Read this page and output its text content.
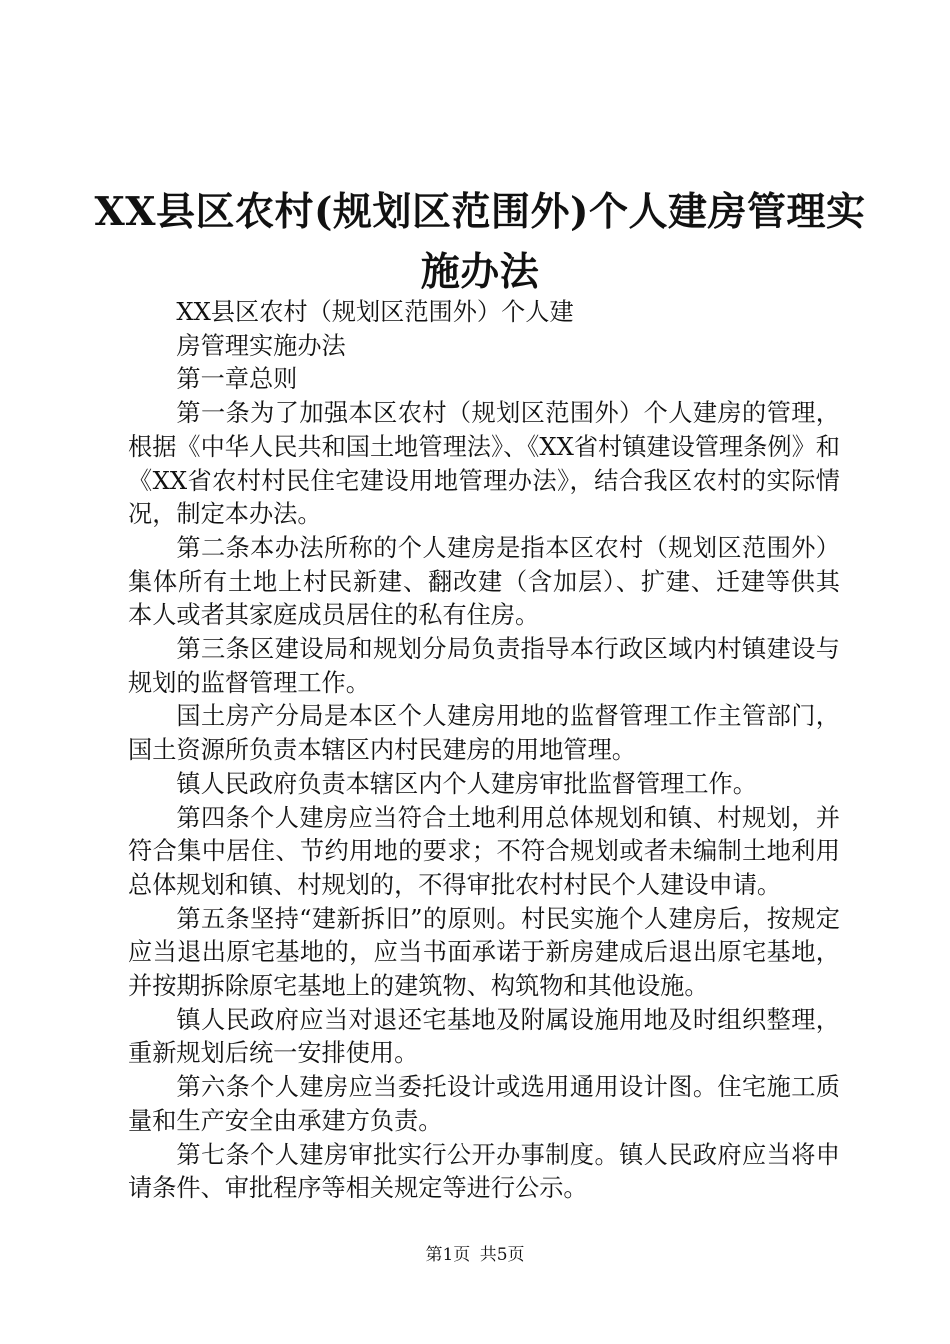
XX县区农村(规划区范围外)个人建房管理实施办法

XX县区农村（规划区范围外）个人建

房管理实施办法

第一章总则

第一条为了加强本区农村（规划区范围外）个人建房的管理，根据《中华人民共和国土地管理法》、《XX省村镇建设管理条例》和《XX省农村村民住宅建设用地管理办法》，结合我区农村的实际情况，制定本办法。

第二条本办法所称的个人建房是指本区农村（规划区范围外）集体所有土地上村民新建、翻改建（含加层）、扩建、迁建等供其本人或者其家庭成员居住的私有住房。

第三条区建设局和规划分局负责指导本行政区域内村镇建设与规划的监督管理工作。

国土房产分局是本区个人建房用地的监督管理工作主管部门，国土资源所负责本辖区内村民建房的用地管理。

镇人民政府负责本辖区内个人建房审批监督管理工作。

第四条个人建房应当符合土地利用总体规划和镇、村规划，并符合集中居住、节约用地的要求；不符合规划或者未编制土地利用总体规划和镇、村规划的，不得审批农村村民个人建设申请。

第五条坚持“建新拆旧”的原则。村民实施个人建房后，按规定应当退出原宅基地的，应当书面承诺于新房建成后退出原宅基地，并按期拆除原宅基地上的建筑物、构筑物和其他设施。

镇人民政府应当对退还宅基地及附属设施用地及时组织整理，重新规划后统一安排使用。

第六条个人建房应当委托设计或选用通用设计图。住宅施工质量和生产安全由承建方负责。

第七条个人建房审批实行公开办事制度。镇人民政府应当将申请条件、审批程序等相关规定等进行公示。

第1页 共5页
